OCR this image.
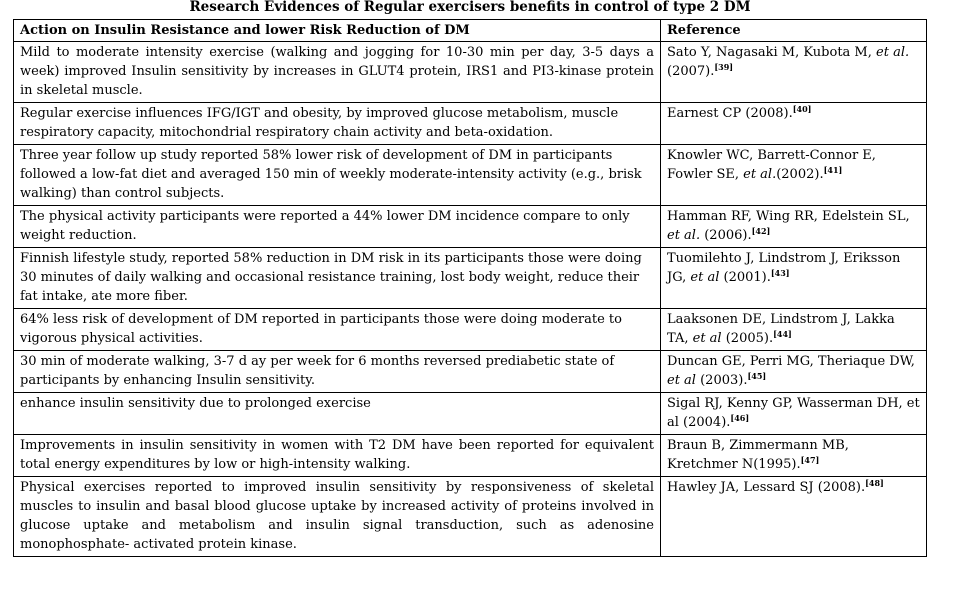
Research Evidences of Regular exercisers benefits in control of type 2 DM
Action on Insulin Resistance and lower Risk Reduction of DM	Reference
Mild to moderate intensity exercise (walking and jogging for 10-30 min per day, 3-5 days a week) improved Insulin sensitivity by increases in GLUT4 protein, IRS1 and PI3-kinase protein in skeletal muscle.	Sato Y, Nagasaki M, Kubota M, et al.(2007).[39]
Regular exercise influences IFG/IGT and obesity, by improved glucose metabolism, muscle respiratory capacity, mitochondrial respiratory chain activity and beta-oxidation.	Earnest CP (2008).[40]
Three year follow up study reported 58% lower risk of development of DM in participants followed a low-fat diet and averaged 150 min of weekly moderate-intensity activity (e.g., brisk walking) than control subjects.	Knowler WC, Barrett-Connor E, Fowler SE, et al.(2002).[41]
The physical activity participants were reported a 44% lower DM incidence compare to only weight reduction.	Hamman RF, Wing RR, Edelstein SL, et al. (2006).[42]
Finnish lifestyle study, reported 58% reduction in DM risk in its participants those were doing 30 minutes of daily walking and occasional resistance training, lost body weight, reduce their fat intake, ate more fiber.	Tuomilehto J, Lindstrom J, Eriksson JG, et al (2001).[43]
64% less risk of development of DM reported in participants those were doing moderate to vigorous physical activities.	Laaksonen DE, Lindstrom J, Lakka TA, et al (2005).[44]
30 min of moderate walking, 3-7 d ay per week for 6 months reversed prediabetic state of participants by enhancing Insulin sensitivity.	Duncan GE, Perri MG, Theriaque DW, et al (2003).[45]
enhance insulin sensitivity due to prolonged exercise	Sigal RJ, Kenny GP, Wasserman DH, et al (2004).[46]
Improvements in insulin sensitivity in women with T2 DM have been reported for equivalent total energy expenditures by low or high-intensity walking.	Braun B, Zimmermann MB, Kretchmer N(1995).[47]
Physical exercises reported to improved insulin sensitivity by responsiveness of skeletal muscles to insulin and basal blood glucose uptake by increased activity of proteins involved in glucose uptake and metabolism and insulin signal transduction, such as adenosine monophosphate- activated protein kinase.	Hawley JA, Lessard SJ (2008).[48]
